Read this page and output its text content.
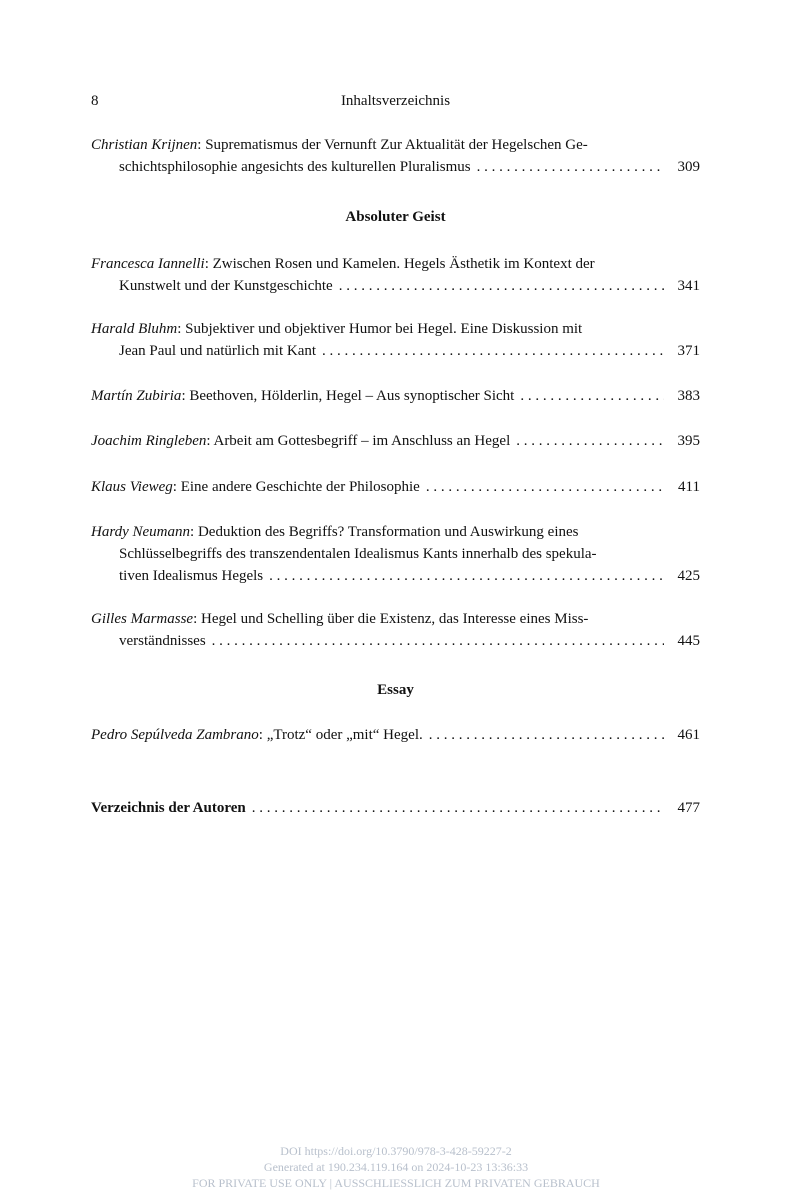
8	Inhaltsverzeichnis
Christian Krijnen: Suprematismus der Vernunft Zur Aktualität der Hegelschen Ge-
schichtsphilosophie angesichts des kulturellen Pluralismus . . .	309
Absoluter Geist
Francesca Iannelli: Zwischen Rosen und Kamelen. Hegels Ästhetik im Kontext der
Kunstwelt und der Kunstgeschichte . . .	341
Harald Bluhm: Subjektiver und objektiver Humor bei Hegel. Eine Diskussion mit
Jean Paul und natürlich mit Kant . . .	371
Martín Zubiria: Beethoven, Hölderlin, Hegel – Aus synoptischer Sicht . . .	383
Joachim Ringleben: Arbeit am Gottesbegriff – im Anschluss an Hegel . . .	395
Klaus Vieweg: Eine andere Geschichte der Philosophie . . .	411
Hardy Neumann: Deduktion des Begriffs? Transformation und Auswirkung eines
Schlüsselbegriffs des transzendentalen Idealismus Kants innerhalb des spekula-
tiven Idealismus Hegels . . .	425
Gilles Marmasse: Hegel und Schelling über die Existenz, das Interesse eines Miss-
verständnisses . . .	445
Essay
Pedro Sepúlveda Zambrano: „Trotz“ oder „mit“ Hegel. . . .	461
Verzeichnis der Autoren . . .	477
DOI https://doi.org/10.3790/978-3-428-59227-2
Generated at 190.234.119.164 on 2024-10-23 13:36:33
FOR PRIVATE USE ONLY | AUSSCHLIESSLICH ZUM PRIVATEN GEBRAUCH
